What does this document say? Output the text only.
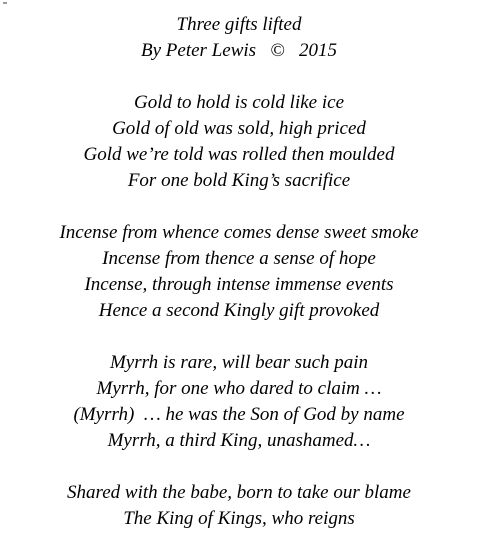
Three gifts lifted
By Peter Lewis   ©   2015
Gold to hold is cold like ice
Gold of old was sold, high priced
Gold we’re told was rolled then moulded
For one bold King’s sacrifice
Incense from whence comes dense sweet smoke
Incense from thence a sense of hope
Incense, through intense immense events
Hence a second Kingly gift provoked
Myrrh is rare, will bear such pain
Myrrh, for one who dared to claim …
(Myrrh)  … he was the Son of God by name
Myrrh, a third King, unashamed…
Shared with the babe, born to take our blame
The King of Kings, who reigns
